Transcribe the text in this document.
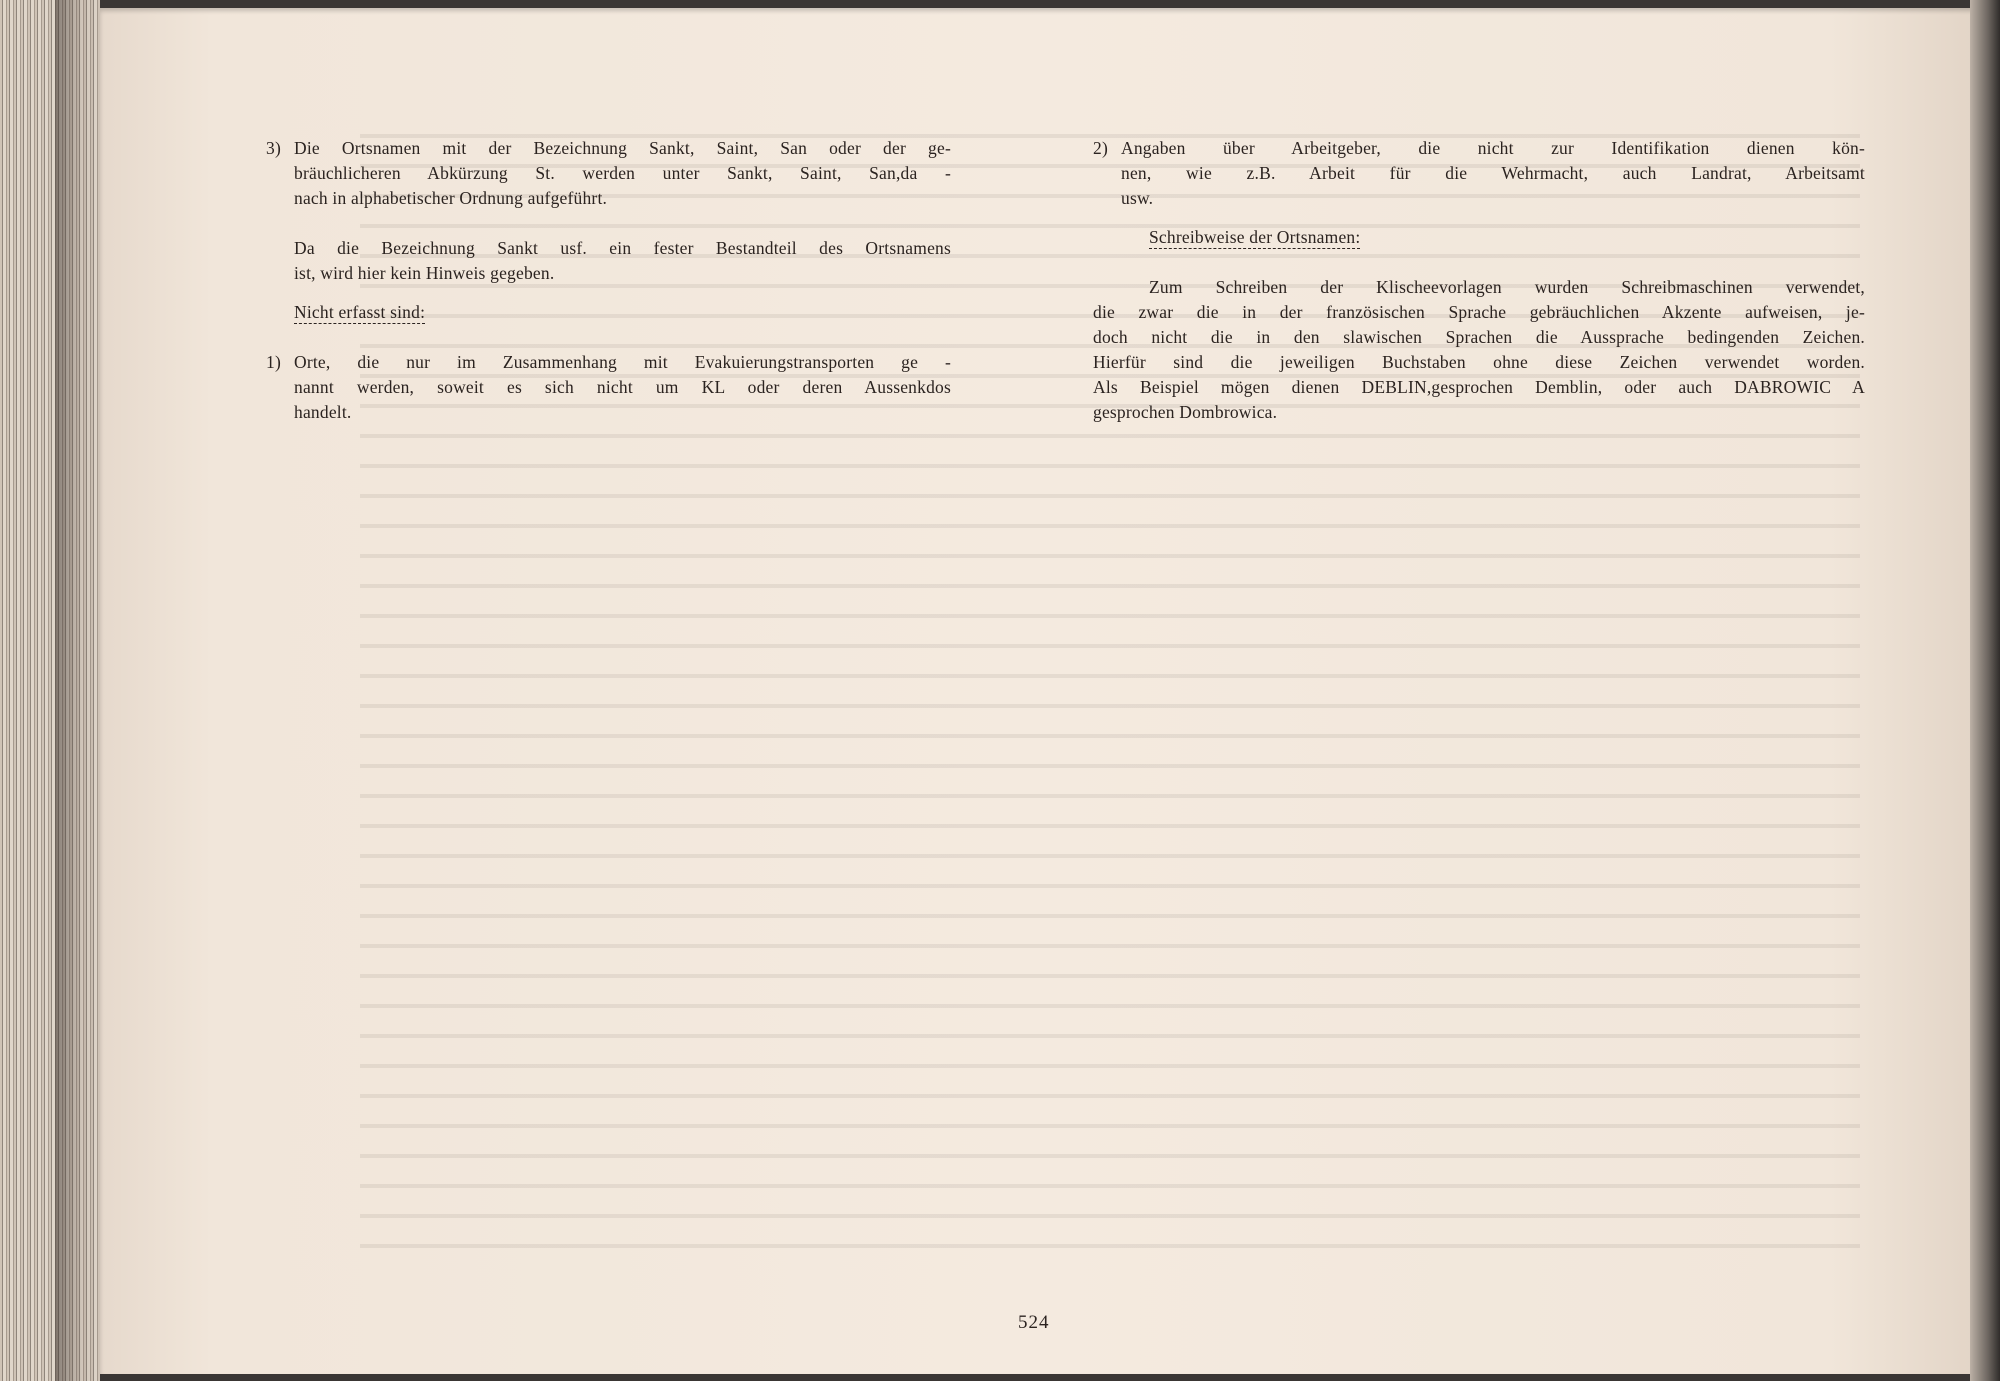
3) Die Ortsnamen mit der Bezeichnung Sankt, Saint, San oder der ge-
bräuchlicheren Abkürzung St. werden unter Sankt, Saint, San,da -
nach in alphabetischer Ordnung aufgeführt.
Da die Bezeichnung Sankt usf. ein fester Bestandteil des Ortsnamens
ist, wird hier kein Hinweis gegeben.
Nicht erfasst sind:
1) Orte, die nur im Zusammenhang mit Evakuierungstransporten ge -
nannt werden, soweit es sich nicht um KL oder deren Aussenkdos
handelt.
2) Angaben über Arbeitgeber, die nicht zur Identifikation dienen kön-
nen, wie z.B. Arbeit für die Wehrmacht, auch Landrat, Arbeitsamt
usw.
Schreibweise der Ortsnamen:
Zum Schreiben der Klischeevorlagen wurden Schreibmaschinen verwendet,
die zwar die in der französischen Sprache gebräuchlichen Akzente aufweisen, je-
doch nicht die in den slawischen Sprachen die Aussprache bedingenden Zeichen.
Hierfür sind die jeweiligen Buchstaben ohne diese Zeichen verwendet worden.
Als Beispiel mögen dienen DEBLIN,gesprochen Demblin, oder auch DABROWIC A
gesprochen Dombrowica.
524
